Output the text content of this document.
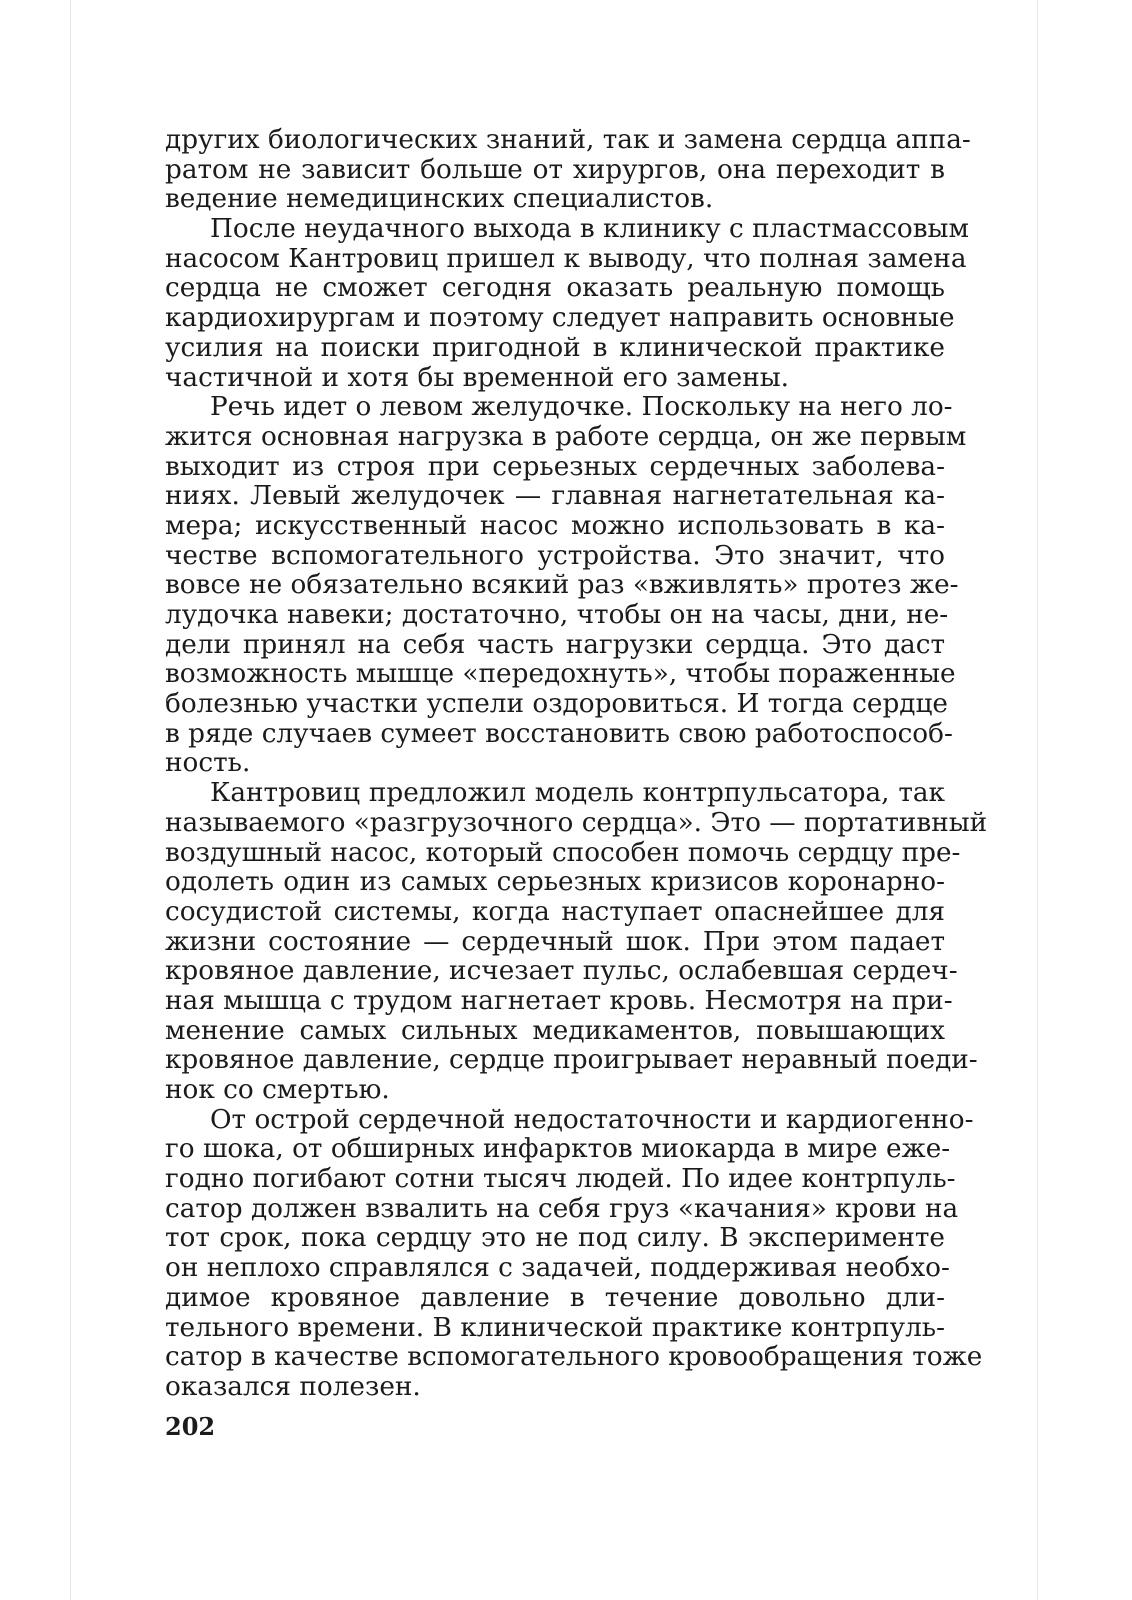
других биологических знаний, так и замена сердца аппа-
ратом не зависит больше от хирургов, она переходит в
ведение немедицинских специалистов.
После неудачного выхода в клинику с пластмассовым
насосом Кантровиц пришел к выводу, что полная замена
сердца не сможет сегодня оказать реальную помощь
кардиохирургам и поэтому следует направить основные
усилия на поиски пригодной в клинической практике
частичной и хотя бы временной его замены.
Речь идет о левом желудочке. Поскольку на него ло-
жится основная нагрузка в работе сердца, он же первым
выходит из строя при серьезных сердечных заболева-
ниях. Левый желудочек — главная нагнетательная ка-
мера; искусственный насос можно использовать в ка-
честве вспомогательного устройства. Это значит, что
вовсе не обязательно всякий раз «вживлять» протез же-
лудочка навеки; достаточно, чтобы он на часы, дни, не-
дели принял на себя часть нагрузки сердца. Это даст
возможность мышце «передохнуть», чтобы пораженные
болезнью участки успели оздоровиться. И тогда сердце
в ряде случаев сумеет восстановить свою работоспособ-
ность.
Кантровиц предложил модель контрпульсатора, так
называемого «разгрузочного сердца». Это — портативный
воздушный насос, который способен помочь сердцу пре-
одолеть один из самых серьезных кризисов коронарно-
сосудистой системы, когда наступает опаснейшее для
жизни состояние — сердечный шок. При этом падает
кровяное давление, исчезает пульс, ослабевшая сердеч-
ная мышца с трудом нагнетает кровь. Несмотря на при-
менение самых сильных медикаментов, повышающих
кровяное давление, сердце проигрывает неравный поеди-
нок со смертью.
От острой сердечной недостаточности и кардиогенно-
го шока, от обширных инфарктов миокарда в мире еже-
годно погибают сотни тысяч людей. По идее контрпуль-
сатор должен взвалить на себя груз «качания» крови на
тот срок, пока сердцу это не под силу. В эксперименте
он неплохо справлялся с задачей, поддерживая необхо-
димое кровяное давление в течение довольно дли-
тельного времени. В клинической практике контрпуль-
сатор в качестве вспомогательного кровообращения тоже
оказался полезен.
202
